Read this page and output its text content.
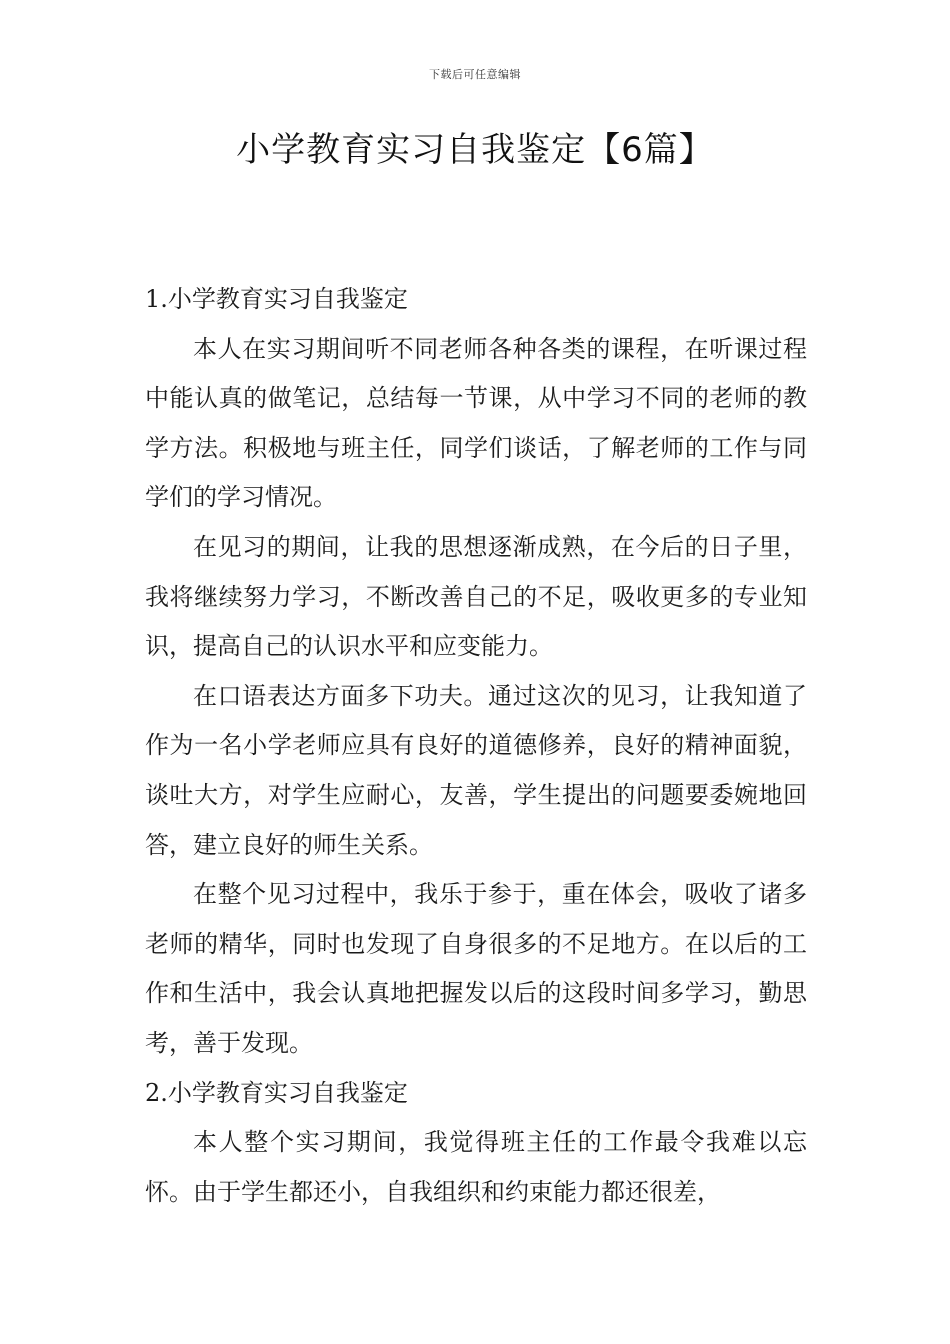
下载后可任意编辑
小学教育实习自我鉴定【6篇】
1.小学教育实习自我鉴定

本人在实习期间听不同老师各种各类的课程，在听课过程中能认真的做笔记，总结每一节课，从中学习不同的老师的教学方法。积极地与班主任，同学们谈话，了解老师的工作与同学们的学习情况。

在见习的期间，让我的思想逐渐成熟，在今后的日子里，我将继续努力学习，不断改善自己的不足，吸收更多的专业知识，提高自己的认识水平和应变能力。

在口语表达方面多下功夫。通过这次的见习，让我知道了作为一名小学老师应具有良好的道德修养，良好的精神面貌，谈吐大方，对学生应耐心，友善，学生提出的问题要委婉地回答，建立良好的师生关系。

在整个见习过程中，我乐于参于，重在体会，吸收了诸多老师的精华，同时也发现了自身很多的不足地方。在以后的工作和生活中，我会认真地把握发以后的这段时间多学习，勤思考，善于发现。

2.小学教育实习自我鉴定

本人整个实习期间，我觉得班主任的工作最令我难以忘怀。由于学生都还小，自我组织和约束能力都还很差，
